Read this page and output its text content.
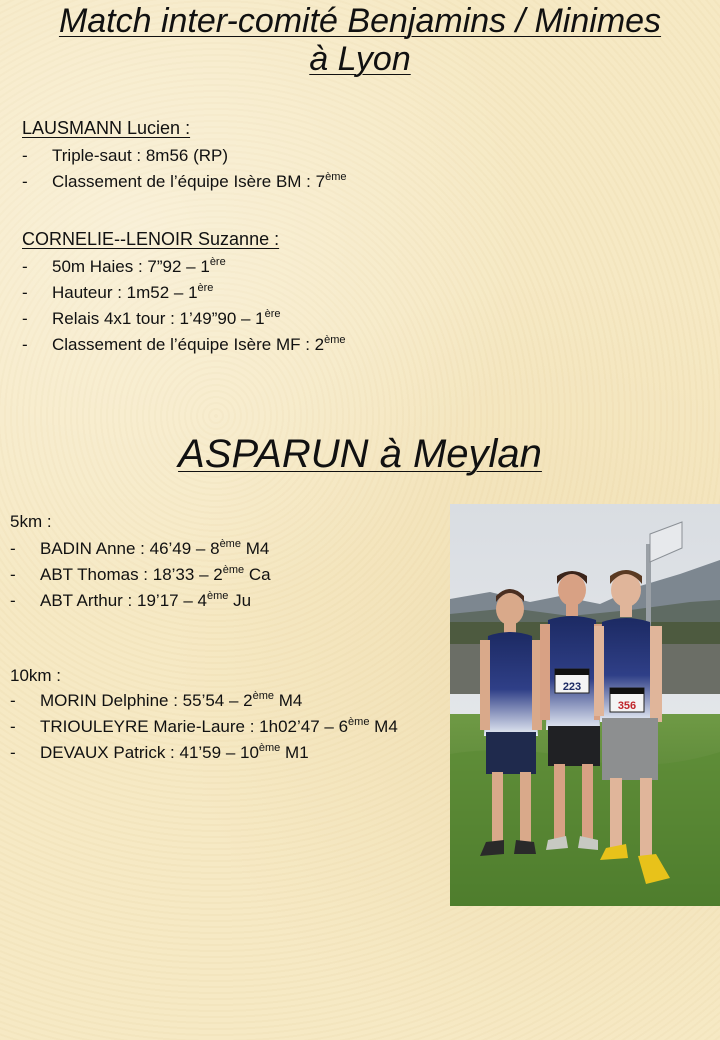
Match inter-comité Benjamins / Minimes
à Lyon
LAUSMANN Lucien :
- Triple-saut : 8m56 (RP)
- Classement de l’équipe Isère BM : 7ème
CORNELIE--LENOIR Suzanne :
- 50m Haies : 7”92 – 1ère
- Hauteur : 1m52 – 1ère
- Relais 4x1 tour : 1’49”90 – 1ère
- Classement de l’équipe Isère MF : 2ème
ASPARUN à Meylan
5km :
- BADIN Anne : 46’49 – 8ème M4
- ABT Thomas : 18’33 – 2ème Ca
- ABT Arthur : 19’17 – 4ème Ju
10km :
- MORIN Delphine : 55’54 – 2ème M4
- TRIOULEYRE Marie-Laure : 1h02’47 – 6ème M4
- DEVAUX Patrick : 41’59 – 10ème M1
223
356
